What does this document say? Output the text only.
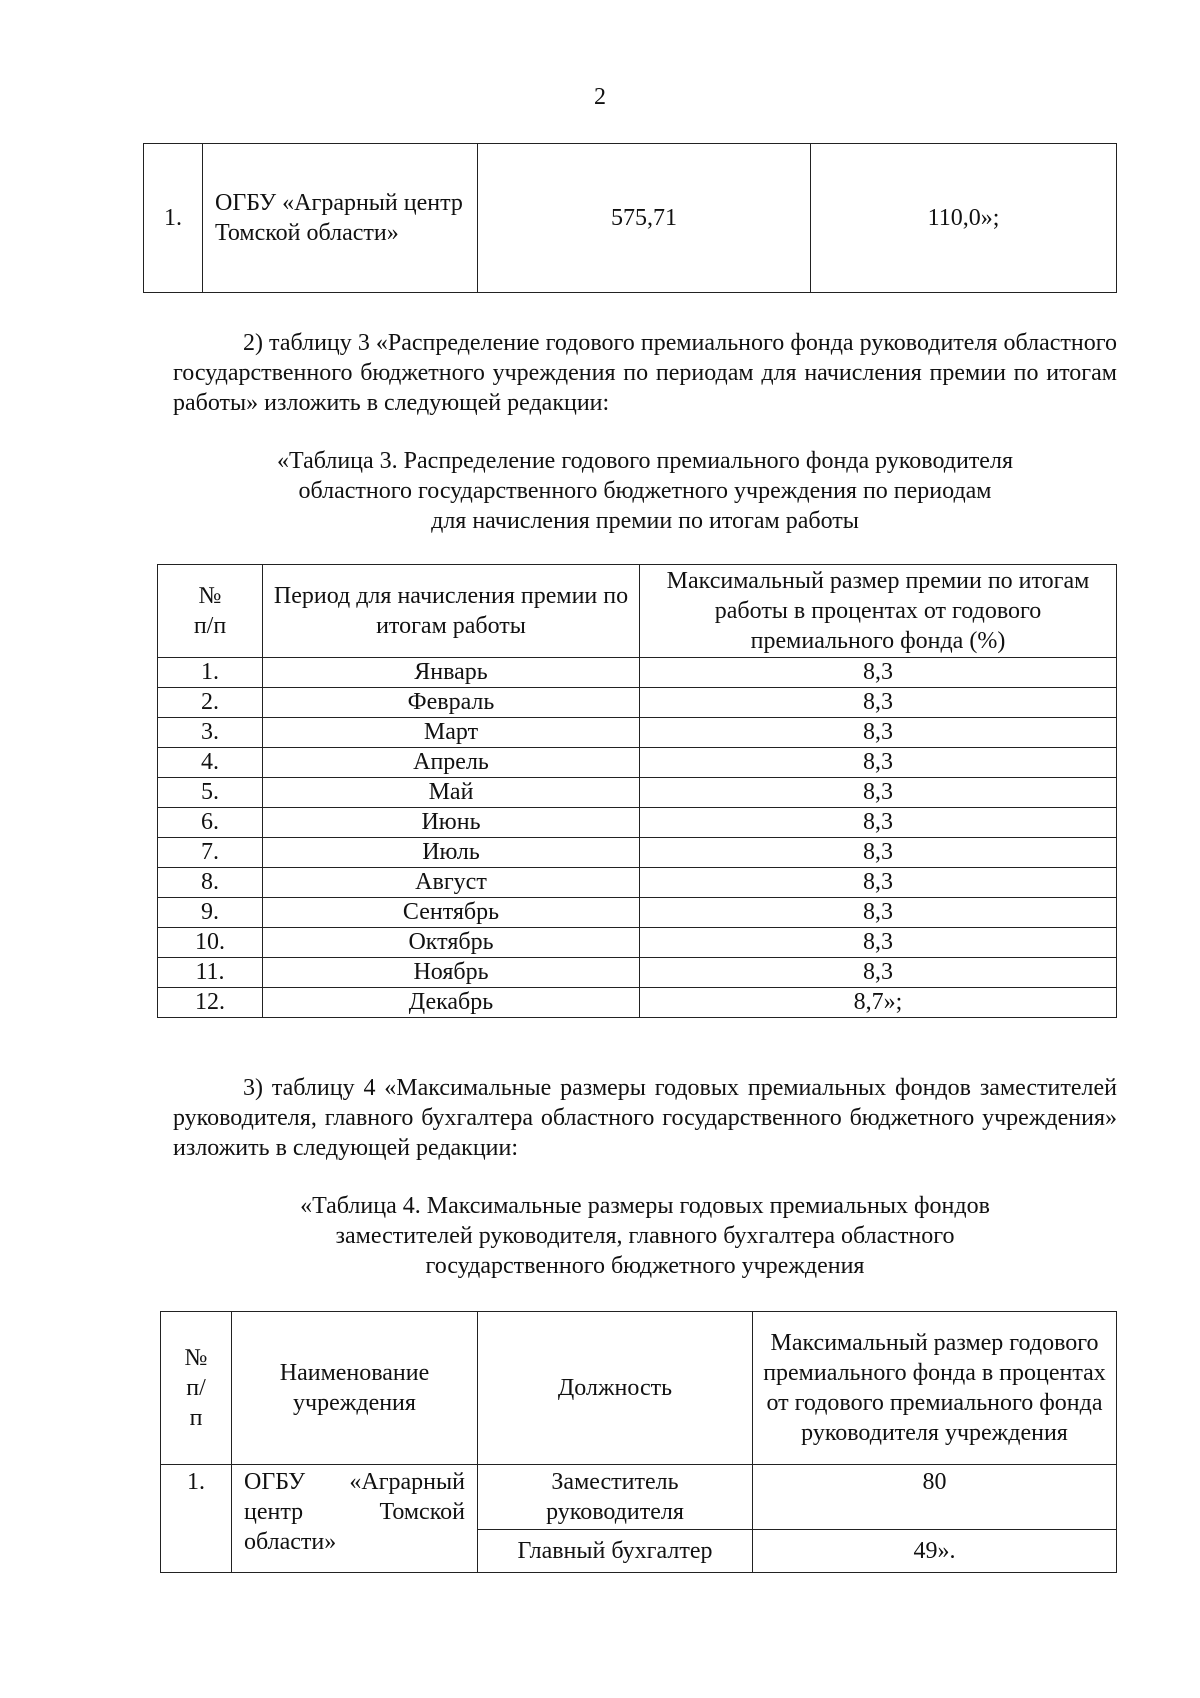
2
1.	ОГБУ «Аграрный центр Томской области»	575,71	110,0»;
2) таблицу 3 «Распределение годового премиального фонда руководителя областного государственного бюджетного учреждения по периодам для начисления премии по итогам работы» изложить в следующей редакции:
«Таблица 3. Распределение годового премиального фонда руководителя
областного государственного бюджетного учреждения по периодам
для начисления премии по итогам работы
№ п/п	Период для начисления премии по итогам работы	Максимальный размер премии по итогам работы в процентах от годового премиального фонда (%)

1.	Январь	8,3
2.	Февраль	8,3
3.	Март	8,3
4.	Апрель	8,3
5.	Май	8,3
6.	Июнь	8,3
7.	Июль	8,3
8.	Август	8,3
9.	Сентябрь	8,3
10.	Октябрь	8,3
11.	Ноябрь	8,3
12.	Декабрь	8,7»;
3) таблицу 4 «Максимальные размеры годовых премиальных фондов заместителей руководителя, главного бухгалтера областного государственного бюджетного учреждения» изложить в следующей редакции:
«Таблица 4. Максимальные размеры годовых премиальных фондов
заместителей руководителя, главного бухгалтера областного
государственного бюджетного учреждения
№ п/п	Наименование учреждения	Должность	Максимальный размер годового премиального фонда в процентах от годового премиального фонда руководителя учреждения

1.	ОГБУ «Аграрный центр Томской области»	Заместитель руководителя	80
		Главный бухгалтер	49».
